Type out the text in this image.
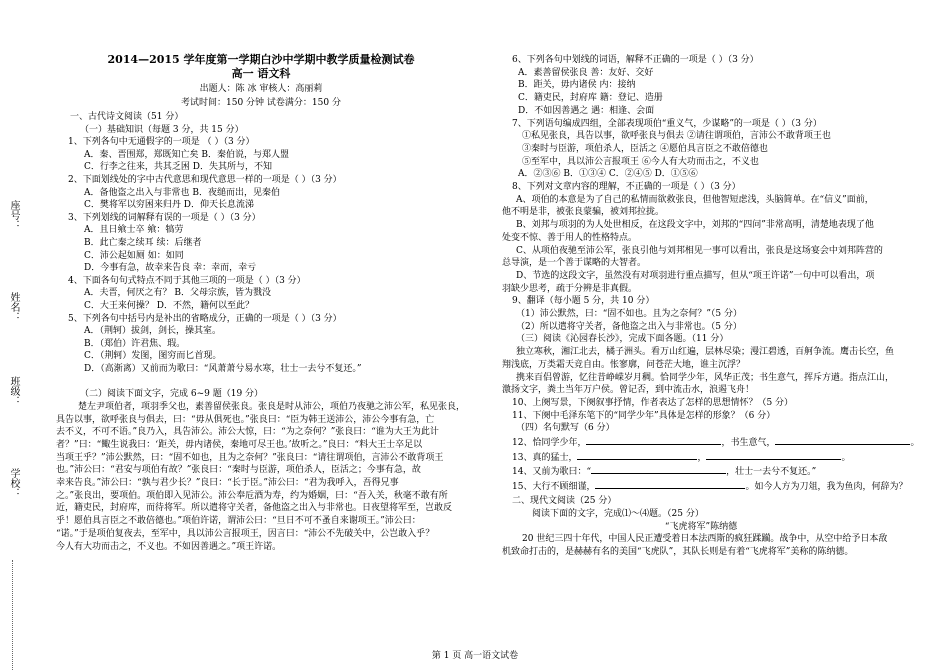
座号：
姓名：
班级：
学校：
2014—2015 学年度第一学期白沙中学期中教学质量检测试卷
高一 语文科
出题人：陈 冰 审核人：高丽莉
考试时间：150 分钟 试卷满分：150 分
一、古代诗文阅读（51 分）
（一）基础知识（每题 3 分，共 15 分）
1、下列各句中无通假字的一项是 （ ）（3 分）
A．秦、晋围郑，郑既知亡矣 B．秦伯说，与郑人盟
C．行李之往来，共其乏困 D．失其所与，不知
2、下面划线处的字中古代意思和现代意思一样的一项是（ ）（3 分）
A．备他盗之出入与非常也 B．夜缒而出，见秦伯
C．樊将军以穷困来归丹 D．仰天长息流涕
3、下列划线的词解释有误的一项是（ ）（3 分）
A．且日飨士卒 飨：犒劳
B．此亡秦之续耳 续：后继者
C．沛公起如厕 如：如同
D．今事有急，故幸来告良 幸：幸而，幸亏
4、下面各句句式特点不同于其他三项的一项是（ ）（3 分）
A．夫晋，何厌之有？ B．父母宗族，皆为戮没
C．大王来何操？ D．不然，籍何以至此？
5、下列各句中括号内是补出的省略成分，正确的一项是（ ）（3 分）
A．（荆轲）拔剑，剑长，操其室。
B．（郑伯）许君焦、瑕。
C．（荆轲）发图，图穷而匕首现。
D．（高渐离）又前而为歌曰：“风萧萧兮易水寒，壮士一去兮不复还。”
（二）阅读下面文字，完成 6~9 题（19 分）
楚左尹项伯者，项羽季父也，素善留侯张良。张良是时从沛公，项伯乃夜驰之沛公军，私见张良，
具告以事，欲呼张良与俱去，曰：“毋从俱死也。”张良曰：“臣为韩王送沛公，沛公今事有急，亡
去不义，不可不语。”良乃入，具告沛公。沛公大惊，曰：“为之奈何？”张良曰：“谁为大王为此计
者？”曰：“鲰生说我曰：‘距关，毋内诸侯，秦地可尽王也。’故听之。”良曰：“料大王士卒足以
当项王乎？”沛公默然，曰：“固不如也，且为之奈何？”张良曰：“请往谓项伯，言沛公不敢背项王
也。”沛公曰：“君安与项伯有故？”张良曰：“秦时与臣游，项伯杀人，臣活之；今事有急，故
幸来告良。”沛公曰：“孰与君少长？”良曰：“长于臣。”沛公曰：“君为我呼入，吾得兄事
之。”张良出，要项伯。项伯即入见沛公。沛公奉卮酒为寿，约为婚姻，曰：“吾入关，秋毫不敢有所
近，籍吏民，封府库，而待将军。所以遣将守关者，备他盗之出入与非常也。日夜望将军至，岂敢反
乎！愿伯具言臣之不敢倍德也。”项伯许诺，谓沛公曰：“旦日不可不蚤自来谢项王。”沛公曰：
“诺。”于是项伯复夜去，至军中，具以沛公言报项王，因言曰：“沛公不先破关中，公岂敢入乎？
今人有大功而击之，不义也。不如因善遇之。”项王许诺。
6、下列各句中划线的词语，解释不正确的一项是（ ）（3 分）
A．素善留侯张良 善：友好、交好
B．距关，毋内诸侯 内：接纳
C．籍吏民，封府库 籍：登记、造册
D．不如因善遇之 遇：相逢、会面
7、下列语句编成四组，全部表现项伯“重义气，少谋略”的一项是（ ）（3 分）
①私见张良，具告以事，欲呼张良与俱去 ②请往谓项伯，言沛公不敢背项王也
③秦时与臣游，项伯杀人，臣活之 ④愿伯具言臣之不敢倍德也
⑤至军中，具以沛公言报项王 ⑥今人有大功而击之，不义也
A．②③⑥ B．①③④ C．②④⑤ D．①⑤⑥
8、下列对文章内容的理解，不正确的一项是（ ）（3 分）
A、项伯的本意是为了自己的私情而欲救张良，但他智短虑浅，头脑简单。在“信义”面前，
他不明是非，被张良蒙骗，被刘邦拉拢。
B、刘邦与项羽的为人处世相反，在这段文字中，刘邦的“四问”非常高明，清楚地表现了他
处变不惊、善于用人的性格特点。
C、从项伯夜驰至沛公军，张良引他与刘邦相见一事可以看出，张良是这场宴会中刘邦阵营的
总导演，是一个善于谋略的大智者。
D、节选的这段文字，虽然没有对项羽进行重点描写，但从“项王许诺”一句中可以看出，项
羽缺少思考，疏于分辨是非真假。
9、翻译（每小题 5 分，共 10 分）
（1）沛公默然，曰：“固不如也。且为之奈何？”（5 分）
（2）所以遣将守关者，备他盗之出入与非常也。（5 分）
（三）阅读《沁园春长沙》，完成下面各题。（11 分）
独立寒秋，湘江北去，橘子洲头。看万山红遍，层林尽染；漫江碧透，百舸争流。鹰击长空，鱼
翔浅底，万类霜天竞自由。怅寥廓，问苍茫大地，谁主沉浮？
携来百侣曾游，忆往昔峥嵘岁月稠。恰同学少年，风华正茂；书生意气，挥斥方遒。指点江山，
激扬文字，粪土当年万户侯。曾记否，到中流击水，浪遏飞舟！
10、上阕写景，下阕叙事抒情，作者表达了怎样的思想情怀？（5 分）
11、下阕中毛泽东笔下的“同学少年”具体是怎样的形象？（6 分）
（四）名句默写（6 分）
12、恰同学少年，	，书生意气，	。
13、真的猛士，	，	。
14、又前为歌曰：“	，壮士一去兮不复还。”
15、大行不顾细谨，	。如今人方为刀俎，我为鱼肉，何辞为？
二、现代文阅读（25 分）
阅读下面的文字，完成⑴～⑷题。（25 分）
“飞虎将军”陈纳德
20 世纪三四十年代，中国人民正遭受着日本法西斯的疯狂蹂躏。战争中，从空中给予日本敌
机致命打击的，是赫赫有名的美国“飞虎队”，其队长则是有着“飞虎将军”美称的陈纳德。
第 1 页 高一语文试卷
